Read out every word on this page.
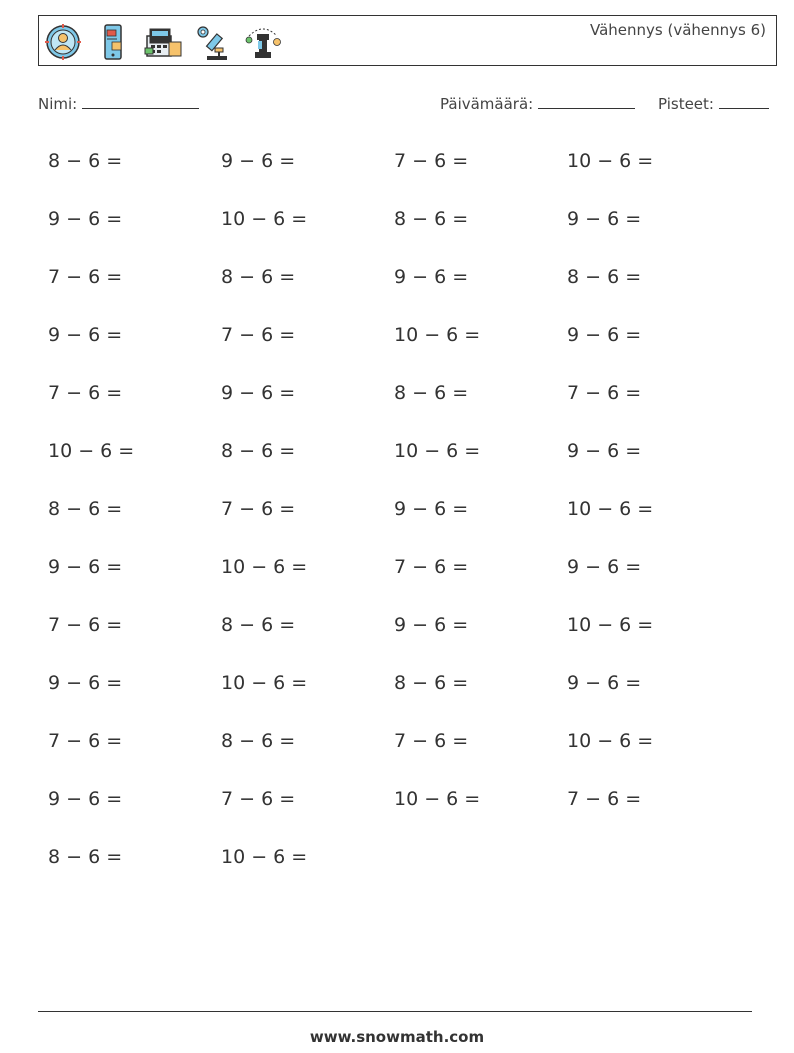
Vähennys (vähennys 6)
Nimi:	Päivämäärä:	Pisteet:
8 − 6 =	9 − 6 =	7 − 6 =	10 − 6 =
9 − 6 =	10 − 6 =	8 − 6 =	9 − 6 =
7 − 6 =	8 − 6 =	9 − 6 =	8 − 6 =
9 − 6 =	7 − 6 =	10 − 6 =	9 − 6 =
7 − 6 =	9 − 6 =	8 − 6 =	7 − 6 =
10 − 6 =	8 − 6 =	10 − 6 =	9 − 6 =
8 − 6 =	7 − 6 =	9 − 6 =	10 − 6 =
9 − 6 =	10 − 6 =	7 − 6 =	9 − 6 =
7 − 6 =	8 − 6 =	9 − 6 =	10 − 6 =
9 − 6 =	10 − 6 =	8 − 6 =	9 − 6 =
7 − 6 =	8 − 6 =	7 − 6 =	10 − 6 =
9 − 6 =	7 − 6 =	10 − 6 =	7 − 6 =
8 − 6 =	10 − 6 =
www.snowmath.com
